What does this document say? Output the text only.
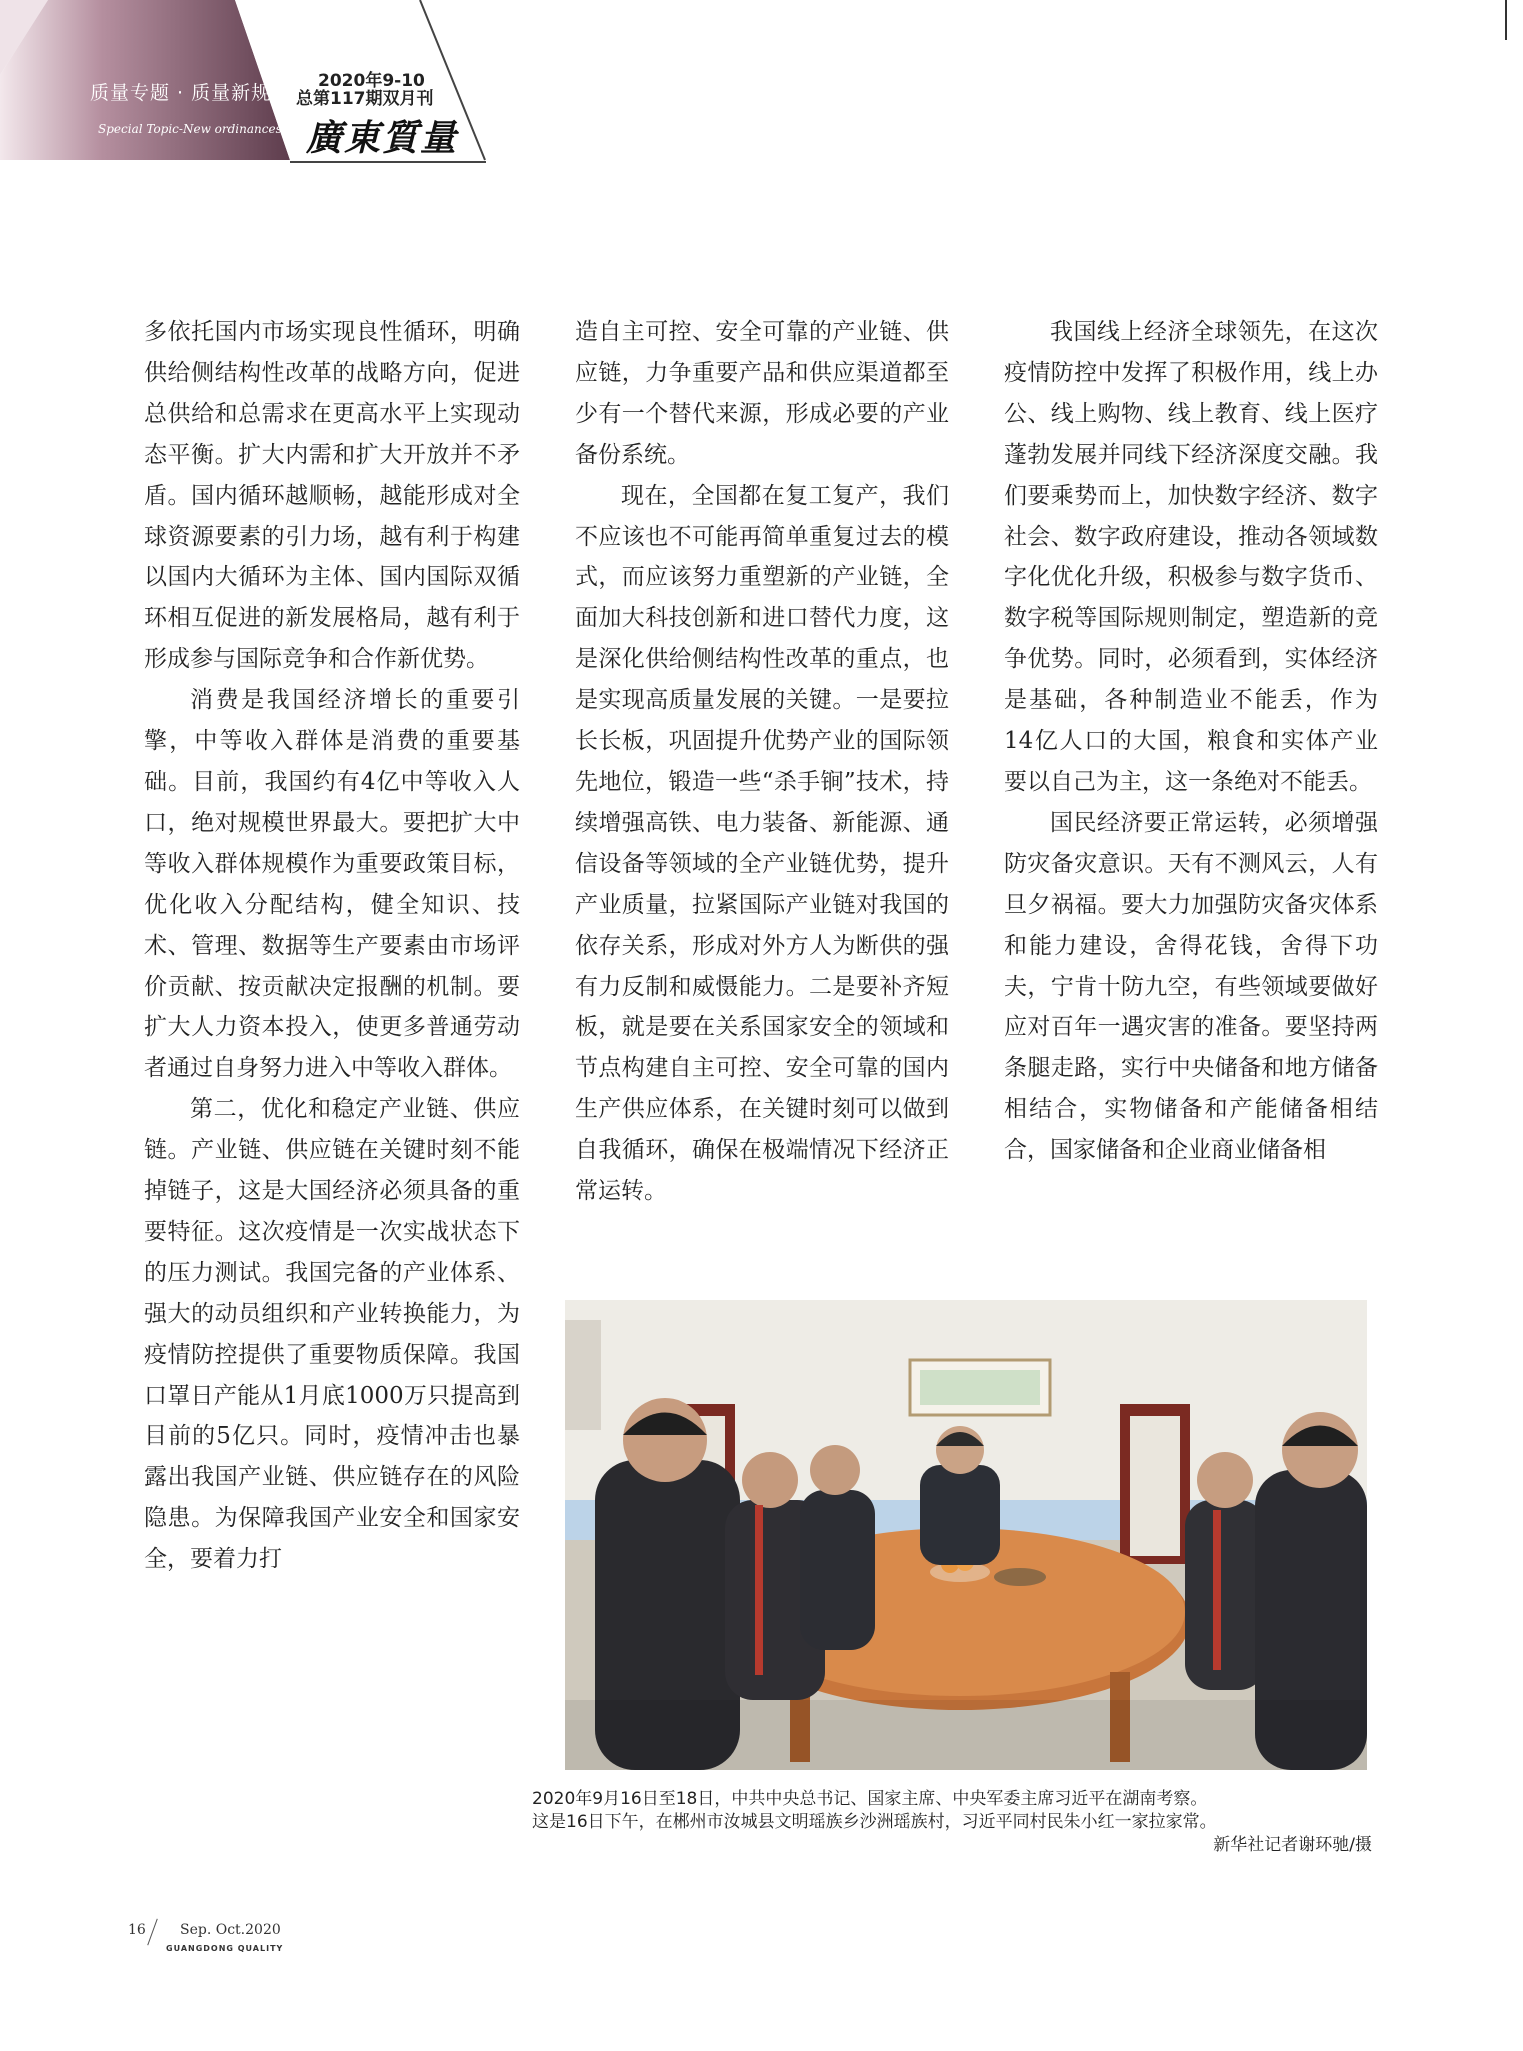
质量专题 · 质量新规
Special Topic-New ordinances
2020年9-10
总第117期双月刊
廣東質量

多依托国内市场实现良性循环，明确供给侧结构性改革的战略方向，促进总供给和总需求在更高水平上实现动态平衡。扩大内需和扩大开放并不矛盾。国内循环越顺畅，越能形成对全球资源要素的引力场，越有利于构建以国内大循环为主体、国内国际双循环相互促进的新发展格局，越有利于形成参与国际竞争和合作新优势。

消费是我国经济增长的重要引擎，中等收入群体是消费的重要基础。目前，我国约有4亿中等收入人口，绝对规模世界最大。要把扩大中等收入群体规模作为重要政策目标，优化收入分配结构，健全知识、技术、管理、数据等生产要素由市场评价贡献、按贡献决定报酬的机制。要扩大人力资本投入，使更多普通劳动者通过自身努力进入中等收入群体。

第二，优化和稳定产业链、供应链。产业链、供应链在关键时刻不能掉链子，这是大国经济必须具备的重要特征。这次疫情是一次实战状态下的压力测试。我国完备的产业体系、强大的动员组织和产业转换能力，为疫情防控提供了重要物质保障。我国口罩日产能从1月底1000万只提高到目前的5亿只。同时，疫情冲击也暴露出我国产业链、供应链存在的风险隐患。为保障我国产业安全和国家安全，要着力打

造自主可控、安全可靠的产业链、供应链，力争重要产品和供应渠道都至少有一个替代来源，形成必要的产业备份系统。

现在，全国都在复工复产，我们不应该也不可能再简单重复过去的模式，而应该努力重塑新的产业链，全面加大科技创新和进口替代力度，这是深化供给侧结构性改革的重点，也是实现高质量发展的关键。一是要拉长长板，巩固提升优势产业的国际领先地位，锻造一些“杀手锏”技术，持续增强高铁、电力装备、新能源、通信设备等领域的全产业链优势，提升产业质量，拉紧国际产业链对我国的依存关系，形成对外方人为断供的强有力反制和威慑能力。二是要补齐短板，就是要在关系国家安全的领域和节点构建自主可控、安全可靠的国内生产供应体系，在关键时刻可以做到自我循环，确保在极端情况下经济正常运转。

我国线上经济全球领先，在这次疫情防控中发挥了积极作用，线上办公、线上购物、线上教育、线上医疗蓬勃发展并同线下经济深度交融。我们要乘势而上，加快数字经济、数字社会、数字政府建设，推动各领域数字化优化升级，积极参与数字货币、数字税等国际规则制定，塑造新的竞争优势。同时，必须看到，实体经济是基础，各种制造业不能丢，作为14亿人口的大国，粮食和实体产业要以自己为主，这一条绝对不能丢。

国民经济要正常运转，必须增强防灾备灾意识。天有不测风云，人有旦夕祸福。要大力加强防灾备灾体系和能力建设，舍得花钱，舍得下功夫，宁肯十防九空，有些领域要做好应对百年一遇灾害的准备。要坚持两条腿走路，实行中央储备和地方储备相结合，实物储备和产能储备相结合，国家储备和企业商业储备相

2020年9月16日至18日，中共中央总书记、国家主席、中央军委主席习近平在湖南考察。
这是16日下午，在郴州市汝城县文明瑶族乡沙洲瑶族村，习近平同村民朱小红一家拉家常。
新华社记者谢环驰/摄
16 Sep. Oct.2020
GUANGDONG QUALITY
